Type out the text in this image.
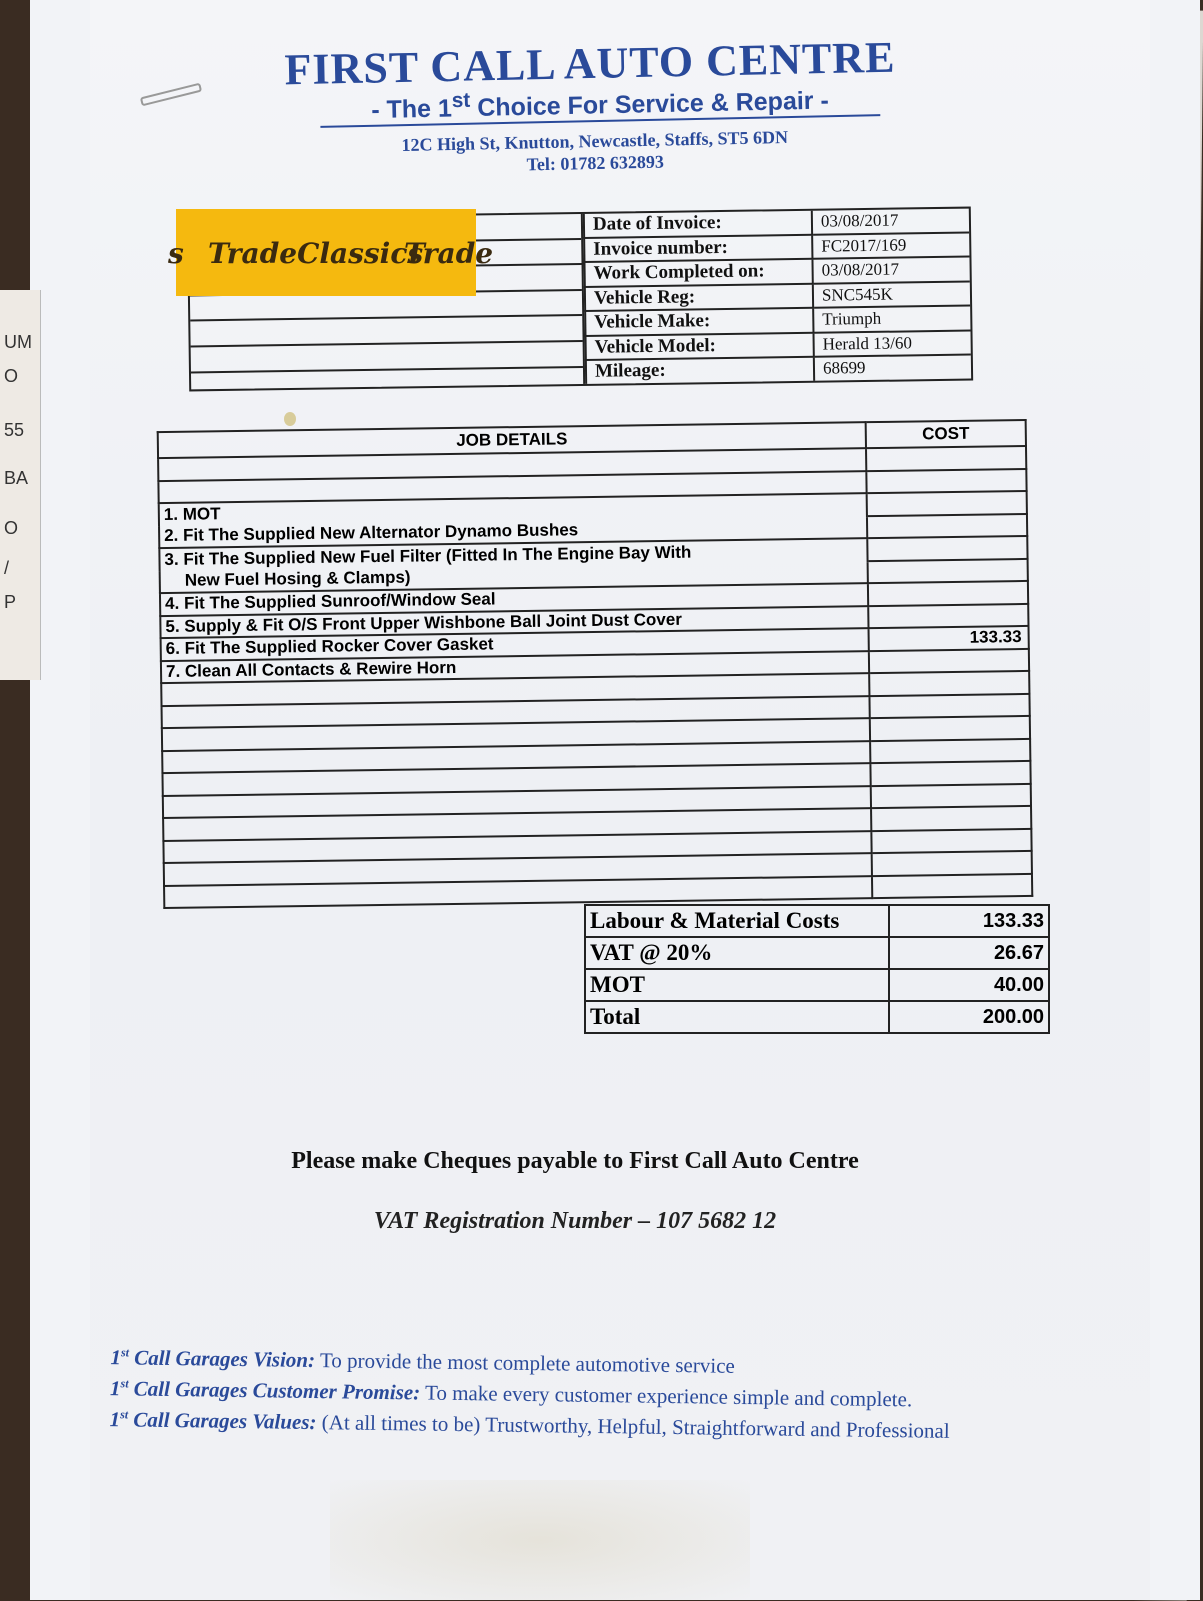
UM
O
55
BA
O
/
P
FIRST CALL AUTO CENTRE
- The 1st Choice For Service & Repair -
12C High St, Knutton, Newcastle, Staffs, ST5 6DN
Tel: 01782 632893
Date of Invoice:	03/08/2017
Invoice number:	FC2017/169
Work Completed on:	03/08/2017
Vehicle Reg:	SNC545K
Vehicle Make:	Triumph
Vehicle Model:	Herald 13/60
Mileage:	68699
s TradeClassics
Trade
JOB DETAILS	COST

1. MOT	
2. Fit The Supplied New Alternator Dynamo Bushes	
3. Fit The Supplied New Fuel Filter (Fitted In The Engine Bay With	
New Fuel Hosing & Clamps)	
4. Fit The Supplied Sunroof/Window Seal	
5. Supply & Fit O/S Front Upper Wishbone Ball Joint Dust Cover	
6. Fit The Supplied Rocker Cover Gasket	133.33
7. Clean All Contacts & Rewire Horn	

Labour & Material Costs	133.33
VAT @ 20%	26.67
MOT	40.00
Total	200.00
Please make Cheques payable to First Call Auto Centre
VAT Registration Number – 107 5682 12
1st Call Garages Vision: To provide the most complete automotive service
1st Call Garages Customer Promise: To make every customer experience simple and complete.
1st Call Garages Values: (At all times to be) Trustworthy, Helpful, Straightforward and Professional
